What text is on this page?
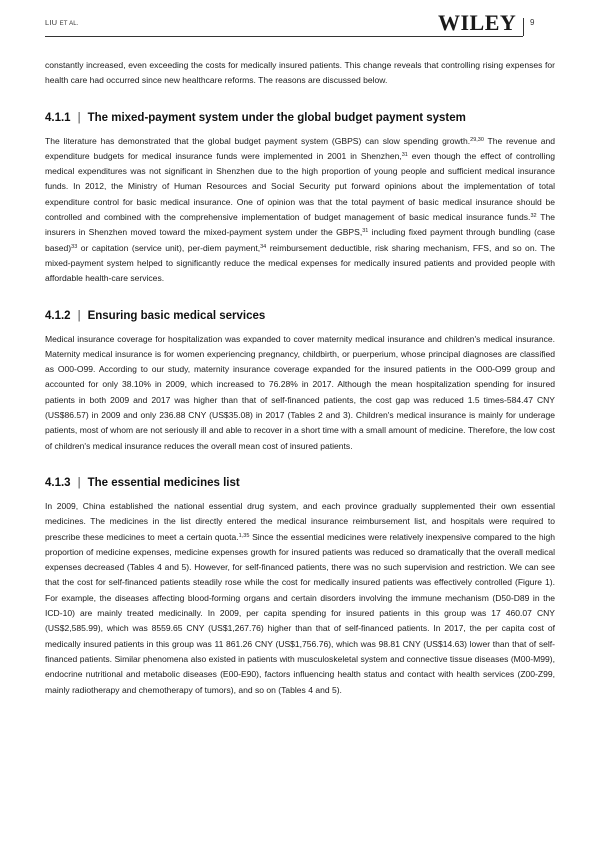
LIU ET AL.	WILEY 9

constantly increased, even exceeding the costs for medically insured patients. This change reveals that controlling rising expenses for health care had occurred since new healthcare reforms. The reasons are discussed below.

4.1.1 | The mixed-payment system under the global budget payment system

The literature has demonstrated that the global budget payment system (GBPS) can slow spending growth.$^{29,30}$ The revenue and expenditure budgets for medical insurance funds were implemented in 2001 in Shenzhen,$^{31}$ even though the effect of controlling medical expenditures was not significant in Shenzhen due to the high proportion of young people and sufficient medical insurance funds. In 2012, the Ministry of Human Resources and Social Security put forward opinions about the implementation of total expenditure control for basic medical insurance. One of opinion was that the total payment of basic medical insurance should be controlled and combined with the comprehensive implementation of budget management of basic medical insurance funds.$^{32}$ The insurers in Shenzhen moved toward the mixed-payment system under the GBPS,$^{31}$ including fixed payment through bundling (case based)$^{33}$ or capitation (service unit), per-diem payment,$^{34}$ reimbursement deductible, risk sharing mechanism, FFS, and so on. The mixed-payment system helped to significantly reduce the medical expenses for medically insured patients and provided people with affordable health-care services.

4.1.2 | Ensuring basic medical services

Medical insurance coverage for hospitalization was expanded to cover maternity medical insurance and children's medical insurance. Maternity medical insurance is for women experiencing pregnancy, childbirth, or puerperium, whose principal diagnoses are classified as O00-O99. According to our study, maternity insurance coverage expanded for the insured patients in the O00-O99 group and accounted for only 38.10% in 2009, which increased to 76.28% in 2017. Although the mean hospitalization spending for insured patients in both 2009 and 2017 was higher than that of self-financed patients, the cost gap was reduced 1.5 times-584.47 CNY (US$86.57) in 2009 and only 236.88 CNY (US$35.08) in 2017 (Tables 2 and 3). Children's medical insurance is mainly for underage patients, most of whom are not seriously ill and able to recover in a short time with a small amount of medicine. Therefore, the low cost of children's medical insurance reduces the overall mean cost of insured patients.

4.1.3 | The essential medicines list

In 2009, China established the national essential drug system, and each province gradually supplemented their own essential medicines. The medicines in the list directly entered the medical insurance reimbursement list, and hospitals were required to prescribe these medicines to meet a certain quota.$^{1,35}$ Since the essential medicines were relatively inexpensive compared to the high proportion of medicine expenses, medicine expenses growth for insured patients was reduced so dramatically that the overall medical expenses decreased (Tables 4 and 5). However, for self-financed patients, there was no such supervision and restriction. We can see that the cost for self-financed patients steadily rose while the cost for medically insured patients was effectively controlled (Figure 1). For example, the diseases affecting blood-forming organs and certain disorders involving the immune mechanism (D50-D89 in the ICD-10) are mainly treated medicinally. In 2009, per capita spending for insured patients in this group was 17 460.07 CNY (US$2,585.99), which was 8559.65 CNY (US$1,267.76) higher than that of self-financed patients. In 2017, the per capita cost of medically insured patients in this group was 11 861.26 CNY (US$1,756.76), which was 98.81 CNY (US$14.63) lower than that of self-financed patients. Similar phenomena also existed in patients with musculoskeletal system and connective tissue diseases (M00-M99), endocrine nutritional and metabolic diseases (E00-E90), factors influencing health status and contact with health services (Z00-Z99, mainly radiotherapy and chemotherapy of tumors), and so on (Tables 4 and 5).
